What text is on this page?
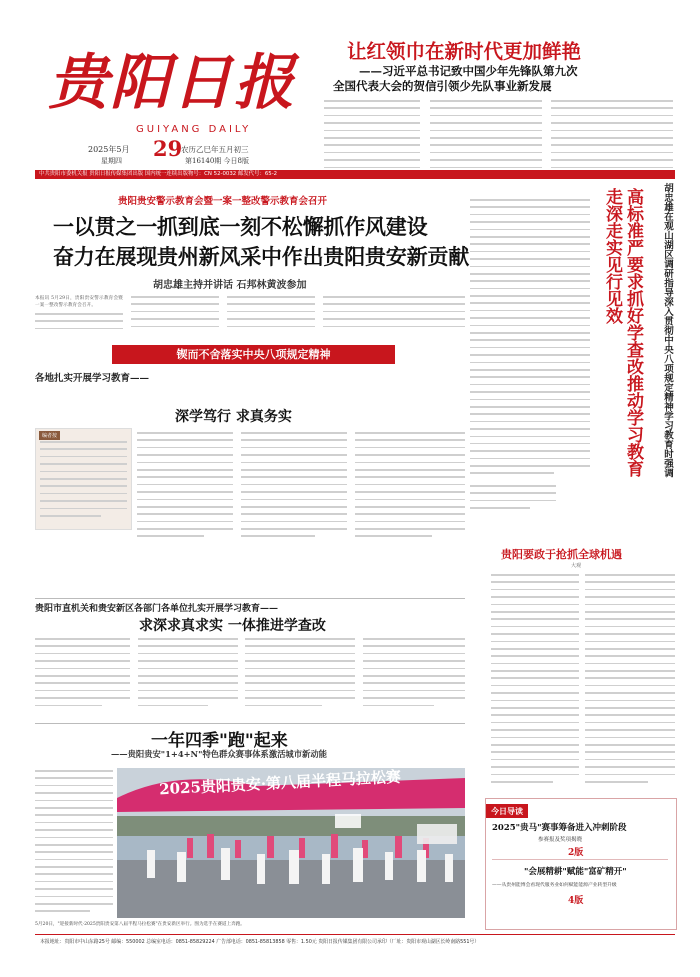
贵阳日报
GUIYANG DAILY
2025年5月 29
星期四
农历乙巳年五月初三
第16140期 今日8版
让红领巾在新时代更加鲜艳
——习近平总书记致中国少年先锋队第九次
全国代表大会的贺信引领少先队事业新发展
中共贵阳市委机关报 贵阳日报传媒集团出版 国内统一连续出版物号：CN 52-0032 邮发代号：65-2
贵阳贵安警示教育会暨一案一整改警示教育会召开
一以贯之一抓到底一刻不松懈抓作风建设
奋力在展现贵州新风采中作出贵阳贵安新贡献
胡忠雄主持并讲话 石邦林黄波参加
本报讯 5月29日，贵阳贵安警示教育会暨一案一整改警示教育会召开。
锲而不舍落实中央八项规定精神	胡忠雄在观山湖区调研指导深入贯彻中央八项规定精神学习教育时强调
高标准严要求抓好学查改推动学习教育走深走实见行见效
各地扎实开展学习教育——
深学笃行 求真务实
编者按
贵阳市直机关和贵安新区各部门各单位扎实开展学习教育——
求深求真求实 一体推进学查改
一年四季"跑"起来
——贵阳贵安"1+4+N"特色群众赛事体系激活城市新动能
2025贵阳贵安·第八届半程马拉松赛
5月20日，"迎接新时代·2025贵阳贵安第八届半程马拉松赛"在贵安新区举行。图为选手在赛道上奔跑。
贵阳要政于抢抓全球机遇
大观
今日导读
2025"贵马"赛事筹备进入冲刺阶段
参赛报及奖项揭晓
2版
"会展精耕"赋能"富矿精开"
——从贵州能博会看现代服务业如何赋能能源产业转型升级
4版
本报地址：贵阳市中山东路25号 邮编：550002 总编室电话：0851-85829224 广告部电话：0851-85813858 零售：1.50元 贵阳日报传媒集团有限公司承印（厂址：贵阳市观山湖区长岭南路551号）
